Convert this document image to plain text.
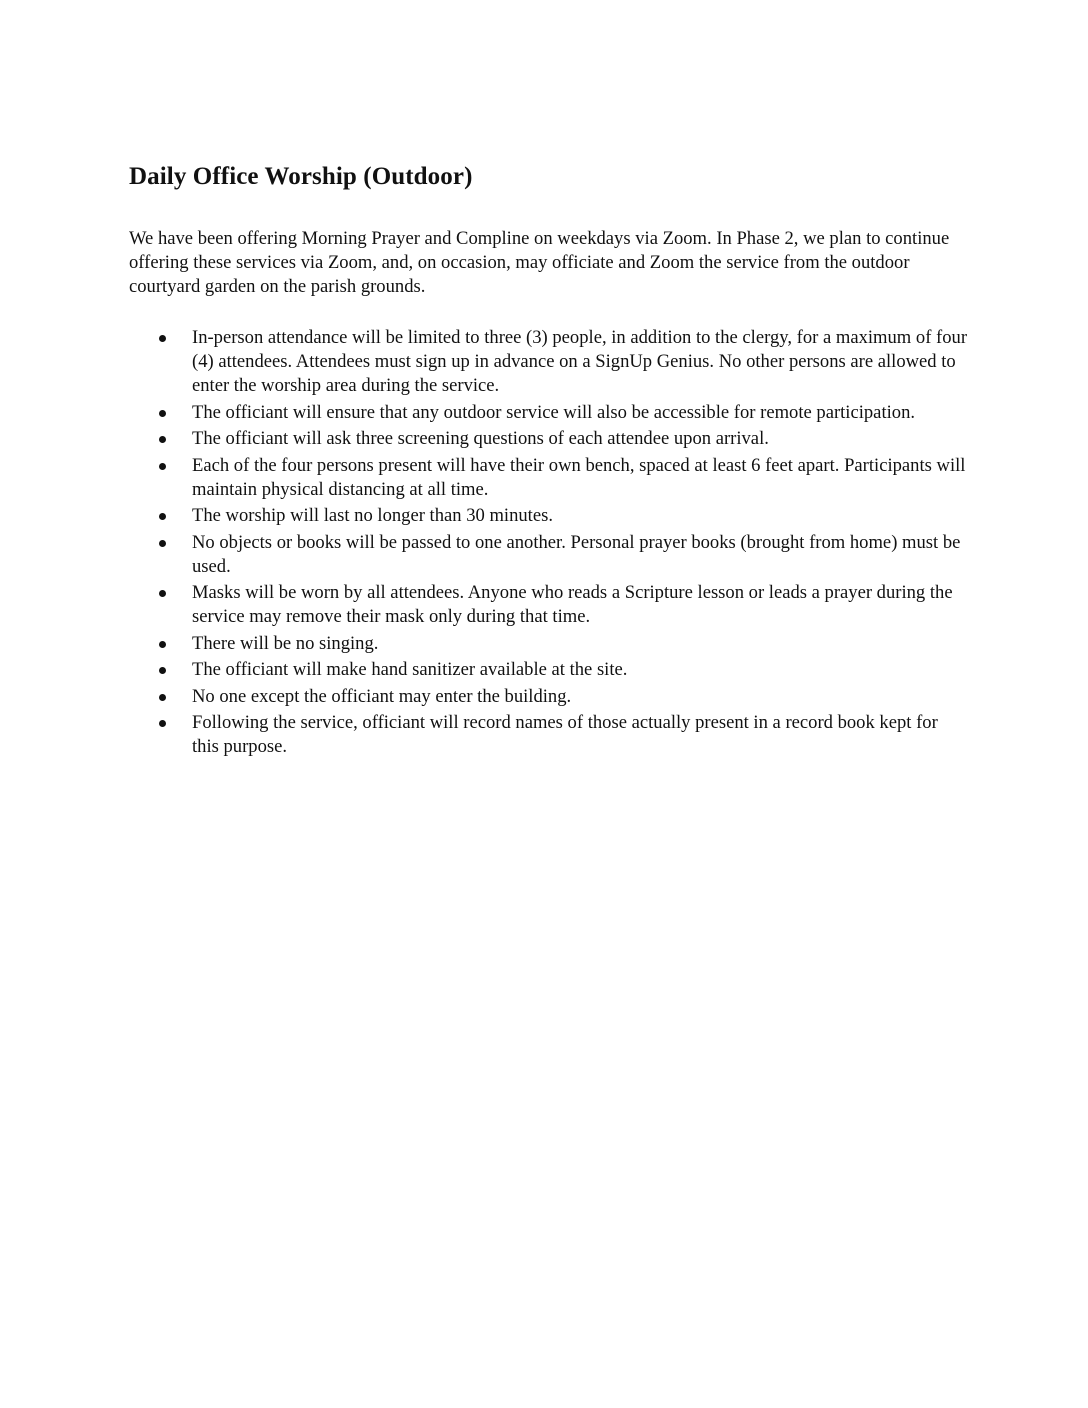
Daily Office Worship (Outdoor)

We have been offering Morning Prayer and Compline on weekdays via Zoom. In Phase 2, we plan to continue offering these services via Zoom, and, on occasion, may officiate and Zoom the service from the outdoor courtyard garden on the parish grounds.

In-person attendance will be limited to three (3) people, in addition to the clergy, for a maximum of four (4) attendees. Attendees must sign up in advance on a SignUp Genius. No other persons are allowed to enter the worship area during the service.
The officiant will ensure that any outdoor service will also be accessible for remote participation.
The officiant will ask three screening questions of each attendee upon arrival.
Each of the four persons present will have their own bench, spaced at least 6 feet apart. Participants will maintain physical distancing at all time.
The worship will last no longer than 30 minutes.
No objects or books will be passed to one another. Personal prayer books (brought from home) must be used.
Masks will be worn by all attendees. Anyone who reads a Scripture lesson or leads a prayer during the service may remove their mask only during that time.
There will be no singing.
The officiant will make hand sanitizer available at the site.
No one except the officiant may enter the building.
Following the service, officiant will record names of those actually present in a record book kept for this purpose.
